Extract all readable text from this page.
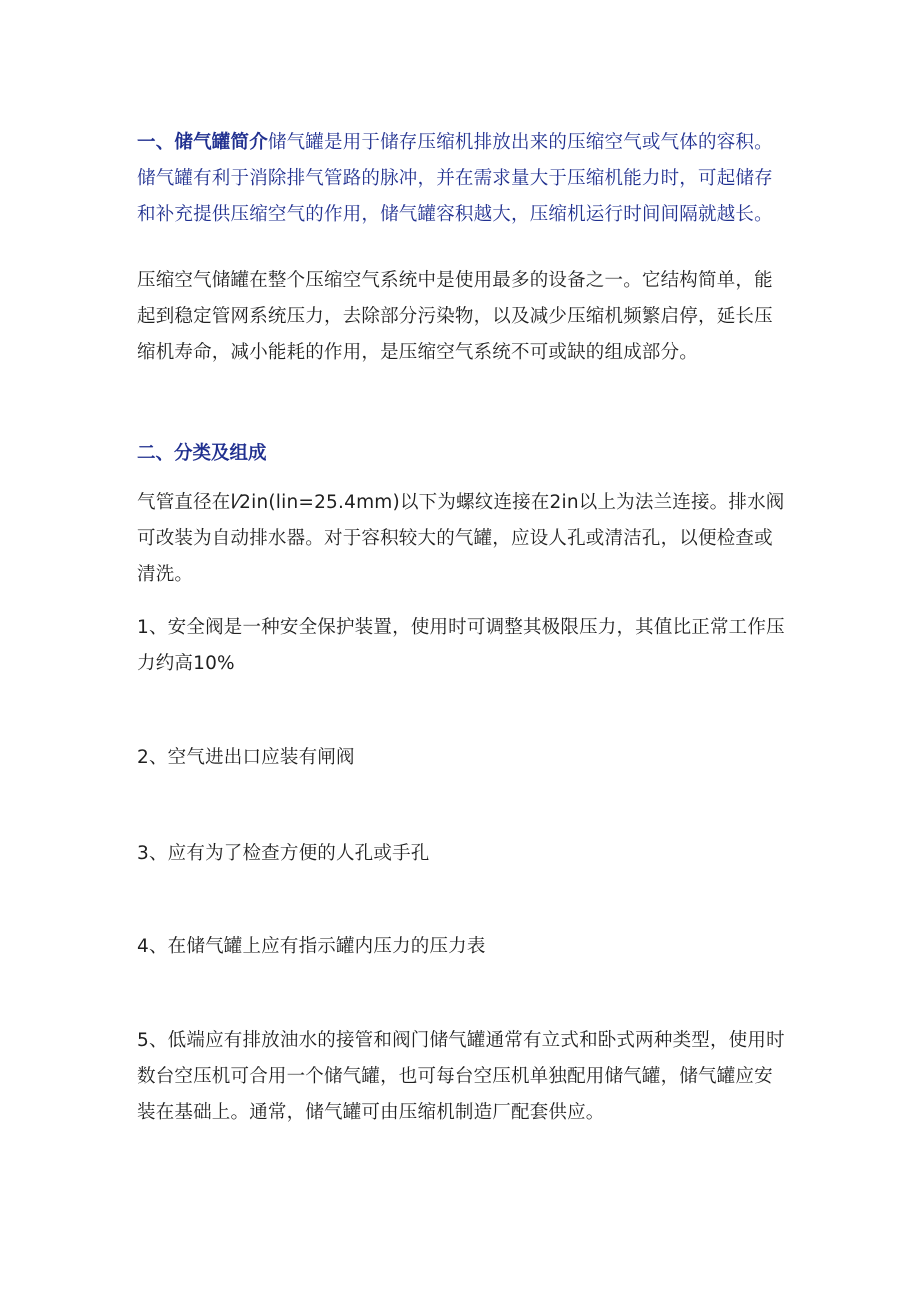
一、储气罐简介储气罐是用于储存压缩机排放出来的压缩空气或气体的容积。储气罐有利于消除排气管路的脉冲，并在需求量大于压缩机能力时，可起储存和补充提供压缩空气的作用，储气罐容积越大，压缩机运行时间间隔就越长。

压缩空气储罐在整个压缩空气系统中是使用最多的设备之一。它结构简单，能起到稳定管网系统压力，去除部分污染物，以及减少压缩机频繁启停，延长压缩机寿命，减小能耗的作用，是压缩空气系统不可或缺的组成部分。

二、分类及组成

气管直径在l⁄2in(lin=25.4mm)以下为螺纹连接在2in以上为法兰连接。排水阀可改装为自动排水器。对于容积较大的气罐，应设人孔或清洁孔，以便检查或清洗。

1、安全阀是一种安全保护装置，使用时可调整其极限压力，其值比正常工作压力约高10%

2、空气进出口应装有闸阀

3、应有为了检查方便的人孔或手孔

4、在储气罐上应有指示罐内压力的压力表

5、低端应有排放油水的接管和阀门储气罐通常有立式和卧式两种类型，使用时数台空压机可合用一个储气罐，也可每台空压机单独配用储气罐，储气罐应安装在基础上。通常，储气罐可由压缩机制造厂配套供应。
